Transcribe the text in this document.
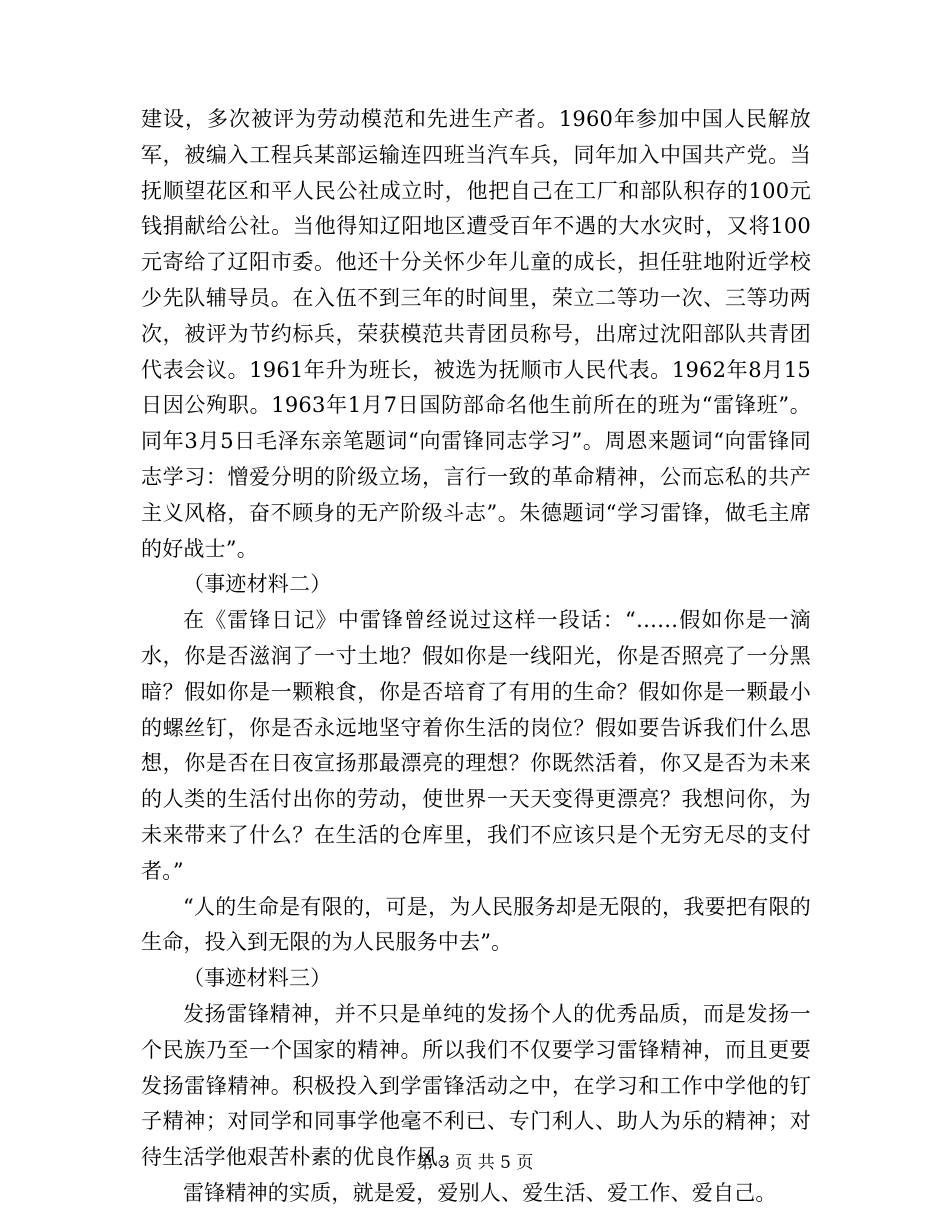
建设，多次被评为劳动模范和先进生产者。1960年参加中国人民解放军，被编入工程兵某部运输连四班当汽车兵，同年加入中国共产党。当抚顺望花区和平人民公社成立时，他把自己在工厂和部队积存的100元钱捐献给公社。当他得知辽阳地区遭受百年不遇的大水灾时，又将100元寄给了辽阳市委。他还十分关怀少年儿童的成长，担任驻地附近学校少先队辅导员。在入伍不到三年的时间里，荣立二等功一次、三等功两次，被评为节约标兵，荣获模范共青团员称号，出席过沈阳部队共青团代表会议。1961年升为班长，被选为抚顺市人民代表。1962年8月15日因公殉职。1963年1月7日国防部命名他生前所在的班为“雷锋班”。同年3月5日毛泽东亲笔题词“向雷锋同志学习”。周恩来题词“向雷锋同志学习：憎爱分明的阶级立场，言行一致的革命精神，公而忘私的共产主义风格，奋不顾身的无产阶级斗志”。朱德题词“学习雷锋，做毛主席的好战士”。

（事迹材料二）

在《雷锋日记》中雷锋曾经说过这样一段话：“……假如你是一滴水，你是否滋润了一寸土地？假如你是一线阳光，你是否照亮了一分黑暗？假如你是一颗粮食，你是否培育了有用的生命？假如你是一颗最小的螺丝钉，你是否永远地坚守着你生活的岗位？假如要告诉我们什么思想，你是否在日夜宣扬那最漂亮的理想？你既然活着，你又是否为未来的人类的生活付出你的劳动，使世界一天天变得更漂亮？我想问你，为未来带来了什么？在生活的仓库里，我们不应该只是个无穷无尽的支付者。”

“人的生命是有限的，可是，为人民服务却是无限的，我要把有限的生命，投入到无限的为人民服务中去”。

（事迹材料三）

发扬雷锋精神，并不只是单纯的发扬个人的优秀品质，而是发扬一个民族乃至一个国家的精神。所以我们不仅要学习雷锋精神，而且更要发扬雷锋精神。积极投入到学雷锋活动之中，在学习和工作中学他的钉子精神；对同学和同事学他毫不利已、专门利人、助人为乐的精神；对待生活学他艰苦朴素的优良作风。

雷锋精神的实质，就是爱，爱别人、爱生活、爱工作、爱自己。

第 3 页 共 5 页
